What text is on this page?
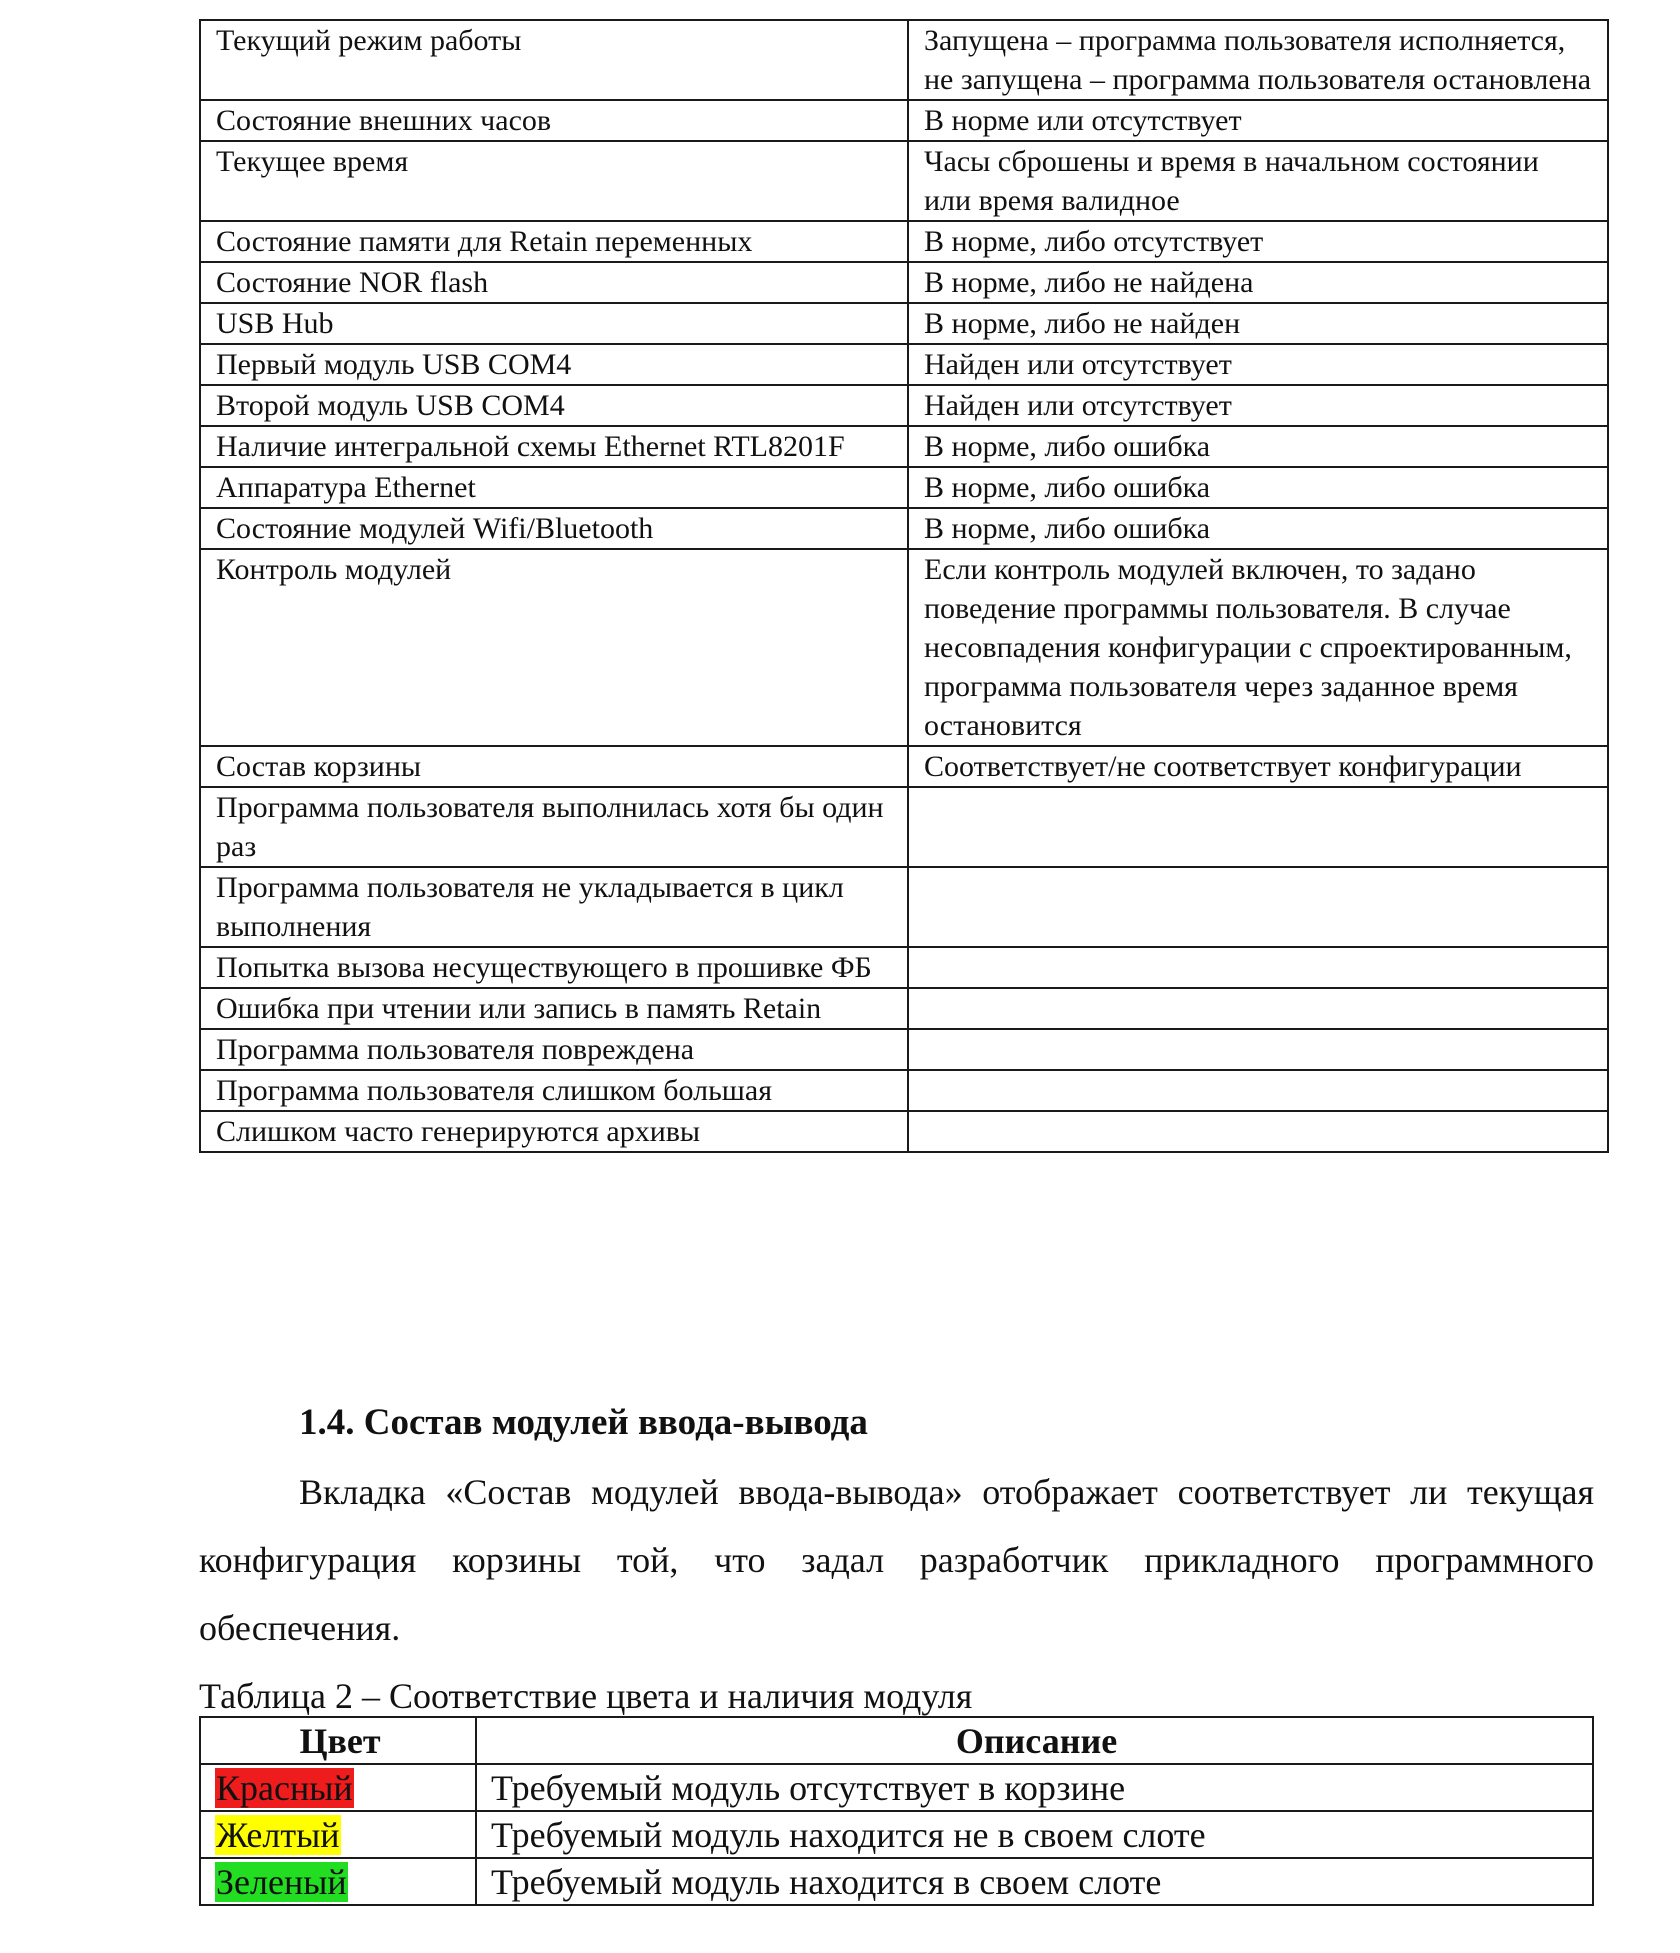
Текущий режим работы	Запущена – программа пользователя исполняется, не запущена – программа пользователя остановлена
Состояние внешних часов	В норме или отсутствует
Текущее время	Часы сброшены и время в начальном состоянии или время валидное
Состояние памяти для Retain переменных	В норме, либо отсутствует
Состояние NOR flash	В норме, либо не найдена
USB Hub	В норме, либо не найден
Первый модуль USB COM4	Найден или отсутствует
Второй модуль USB COM4	Найден или отсутствует
Наличие интегральной схемы Ethernet RTL8201F	В норме, либо ошибка
Аппаратура Ethernet	В норме, либо ошибка
Состояние модулей Wifi/Bluetooth	В норме, либо ошибка
Контроль модулей	Если контроль модулей включен, то задано поведение программы пользователя. В случае несовпадения конфигурации с спроектированным, программа пользователя через заданное время остановится
Состав корзины	Соответствует/не соответствует конфигурации
Программа пользователя выполнилась хотя бы один раз	
Программа пользователя не укладывается в цикл выполнения	
Попытка вызова несуществующего в прошивке ФБ	
Ошибка при чтении или запись в память Retain	
Программа пользователя повреждена	
Программа пользователя слишком большая	
Слишком часто генерируются архивы	
1.4. Состав модулей ввода-вывода

Вкладка «Состав модулей ввода-вывода» отображает соответствует ли текущая конфигурация корзины той, что задал разработчик прикладного программного обеспечения.

Таблица 2 – Соответствие цвета и наличия модуля
Цвет	Описание
Красный	Требуемый модуль отсутствует в корзине
Желтый	Требуемый модуль находится не в своем слоте
Зеленый	Требуемый модуль находится в своем слоте
